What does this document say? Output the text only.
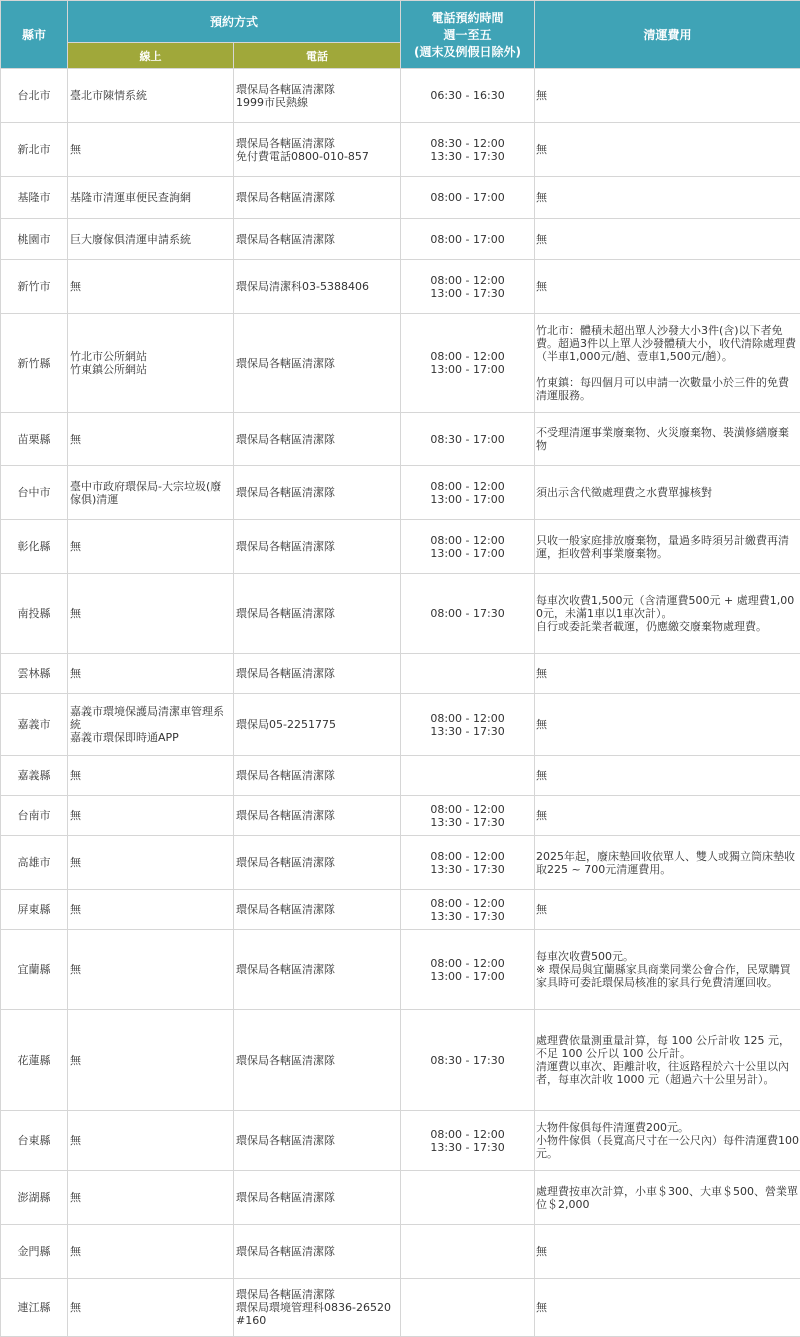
縣市	預約方式		電話預約時間
週一至五
(週末及例假日除外)	清運費用
	線上	電話		

台北市	臺北市陳情系統	環保局各轄區清潔隊
1999市民熱線	06:30 - 16:30	無

新北市	無	環保局各轄區清潔隊
免付費電話0800-010-857	08:30 - 12:00
13:30 - 17:30	無

基隆市	基隆市清運車便民查詢網	環保局各轄區清潔隊	08:00 - 17:00	無

桃園市	巨大廢傢俱清運申請系統	環保局各轄區清潔隊	08:00 - 17:00	無

新竹市	無	環保局清潔科03-5388406	08:00 - 12:00
13:00 - 17:30	無

新竹縣	竹北市公所網站
竹東鎮公所網站	環保局各轄區清潔隊	08:00 - 12:00
13:00 - 17:00	竹北市：體積未超出單人沙發大小3件(含)以下者免費。超過3件以上單人沙發體積大小，收代清除處理費（半車1,000元/趟、壹車1,500元/趟）。

竹東鎮：每四個月可以申請一次數量小於三件的免費清運服務。

苗栗縣	無	環保局各轄區清潔隊	08:30 - 17:00	不受理清運事業廢棄物、火災廢棄物、裝潢修繕廢棄物

台中市	臺中市政府環保局-大宗垃圾(廢傢俱)清運	環保局各轄區清潔隊	08:00 - 12:00
13:00 - 17:00	須出示含代徵處理費之水費單據核對

彰化縣	無	環保局各轄區清潔隊	08:00 - 12:00
13:00 - 17:00	只收一般家庭排放廢棄物，量過多時須另計繳費再清運，拒收營利事業廢棄物。

南投縣	無	環保局各轄區清潔隊	08:00 - 17:30	每車次收費1,500元（含清運費500元 + 處理費1,000元，未滿1車以1車次計）。
自行或委託業者載運，仍應繳交廢棄物處理費。

雲林縣	無	環保局各轄區清潔隊		無

嘉義市	嘉義市環境保護局清潔車管理系統
嘉義市環保即時通APP	環保局05-2251775	08:00 - 12:00
13:30 - 17:30	無

嘉義縣	無	環保局各轄區清潔隊		無

台南市	無	環保局各轄區清潔隊	08:00 - 12:00
13:30 - 17:30	無

高雄市	無	環保局各轄區清潔隊	08:00 - 12:00
13:30 - 17:30	2025年起，廢床墊回收依單人、雙人或獨立筒床墊收取225 ~ 700元清運費用。

屏東縣	無	環保局各轄區清潔隊	08:00 - 12:00
13:30 - 17:30	無

宜蘭縣	無	環保局各轄區清潔隊	08:00 - 12:00
13:00 - 17:00	每車次收費500元。
※ 環保局與宜蘭縣家具商業同業公會合作，民眾購買家具時可委託環保局核准的家具行免費清運回收。

花蓮縣	無	環保局各轄區清潔隊	08:30 - 17:30	處理費依量測重量計算，每 100 公斤計收 125 元，不足 100 公斤以 100 公斤計。
清運費以車次、距離計收，往返路程於六十公里以內者，每車次計收 1000 元（超過六十公里另計）。

台東縣	無	環保局各轄區清潔隊	08:00 - 12:00
13:30 - 17:30	大物件傢俱每件清運費200元。
小物件傢俱（長寬高尺寸在一公尺內）每件清運費100元。

澎湖縣	無	環保局各轄區清潔隊		處理費按車次計算，小車＄300、大車＄500、營業單位＄2,000

金門縣	無	環保局各轄區清潔隊		無

連江縣	無	環保局各轄區清潔隊
環保局環境管理科0836-26520
#160		無
